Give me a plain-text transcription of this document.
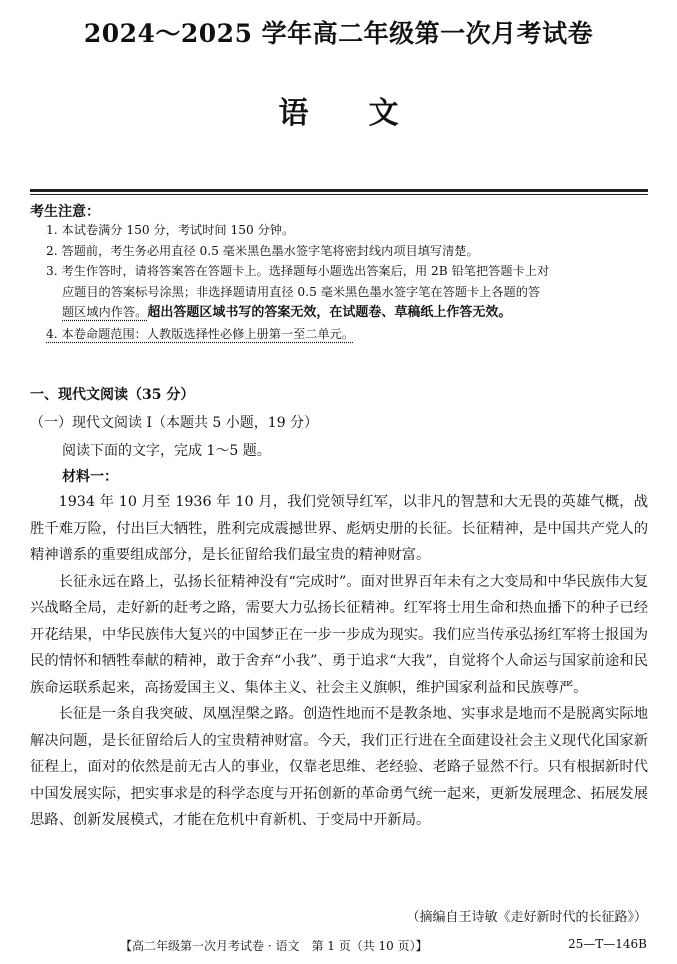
2024～2025 学年高二年级第一次月考试卷
语文
考生注意：

1. 本试卷满分 150 分，考试时间 150 分钟。

2. 答题前，考生务必用直径 0.5 毫米黑色墨水签字笔将密封线内项目填写清楚。

3. 考生作答时，请将答案答在答题卡上。选择题每小题选出答案后，用 2B 铅笔把答题卡上对
应题目的答案标号涂黑；非选择题请用直径 0.5 毫米黑色墨水签字笔在答题卡上各题的答
题区域内作答。超出答题区域书写的答案无效，在试题卷、草稿纸上作答无效。

4. 本卷命题范围：人教版选择性必修上册第一至二单元。

一、现代文阅读（35 分）
（一）现代文阅读 I（本题共 5 小题，19 分）
阅读下面的文字，完成 1～5 题。
材料一：

1934 年 10 月至 1936 年 10 月，我们党领导红军，以非凡的智慧和大无畏的英雄气概，战胜千难万险，付出巨大牺牲，胜利完成震撼世界、彪炳史册的长征。长征精神，是中国共产党人的精神谱系的重要组成部分，是长征留给我们最宝贵的精神财富。

长征永远在路上，弘扬长征精神没有“完成时”。面对世界百年未有之大变局和中华民族伟大复兴战略全局，走好新的赶考之路，需要大力弘扬长征精神。红军将士用生命和热血播下的种子已经开花结果，中华民族伟大复兴的中国梦正在一步一步成为现实。我们应当传承弘扬红军将士报国为民的情怀和牺牲奉献的精神，敢于舍弃“小我”、勇于追求“大我”，自觉将个人命运与国家前途和民族命运联系起来，高扬爱国主义、集体主义、社会主义旗帜，维护国家利益和民族尊严。

长征是一条自我突破、凤凰涅槃之路。创造性地而不是教条地、实事求是地而不是脱离实际地解决问题，是长征留给后人的宝贵精神财富。今天，我们正行进在全面建设社会主义现代化国家新征程上，面对的依然是前无古人的事业，仅靠老思维、老经验、老路子显然不行。只有根据新时代中国发展实际，把实事求是的科学态度与开拓创新的革命勇气统一起来，更新发展理念、拓展发展思路、创新发展模式，才能在危机中育新机、于变局中开新局。

（摘编自王诗敏《走好新时代的长征路》）
【高二年级第一次月考试卷 · 语文　第 1 页（共 10 页）】	25—T—146B
